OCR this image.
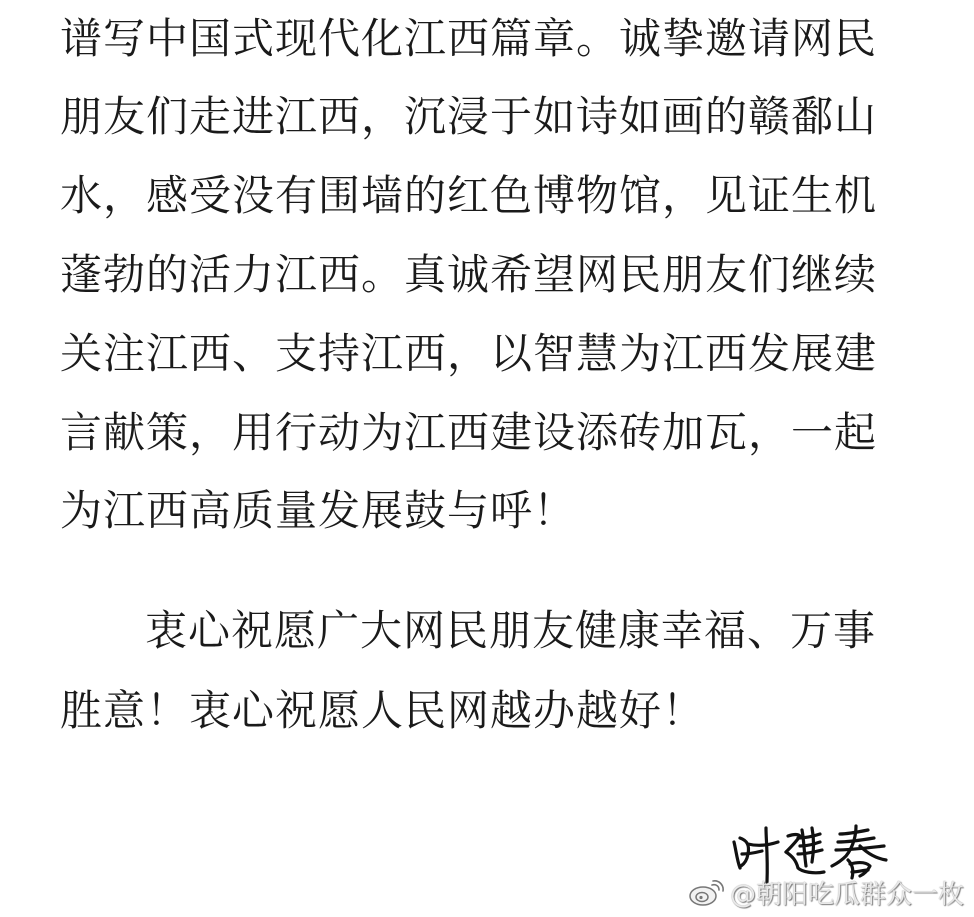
谱写中国式现代化江西篇章。诚挚邀请网民
朋友们走进江西，沉浸于如诗如画的赣鄱山
水，感受没有围墙的红色博物馆，见证生机
蓬勃的活力江西。真诚希望网民朋友们继续
关注江西、支持江西，以智慧为江西发展建
言献策，用行动为江西建设添砖加瓦，一起
为江西高质量发展鼓与呼！
衷心祝愿广大网民朋友健康幸福、万事
胜意！衷心祝愿人民网越办越好！
@朝阳吃瓜群众一枚
